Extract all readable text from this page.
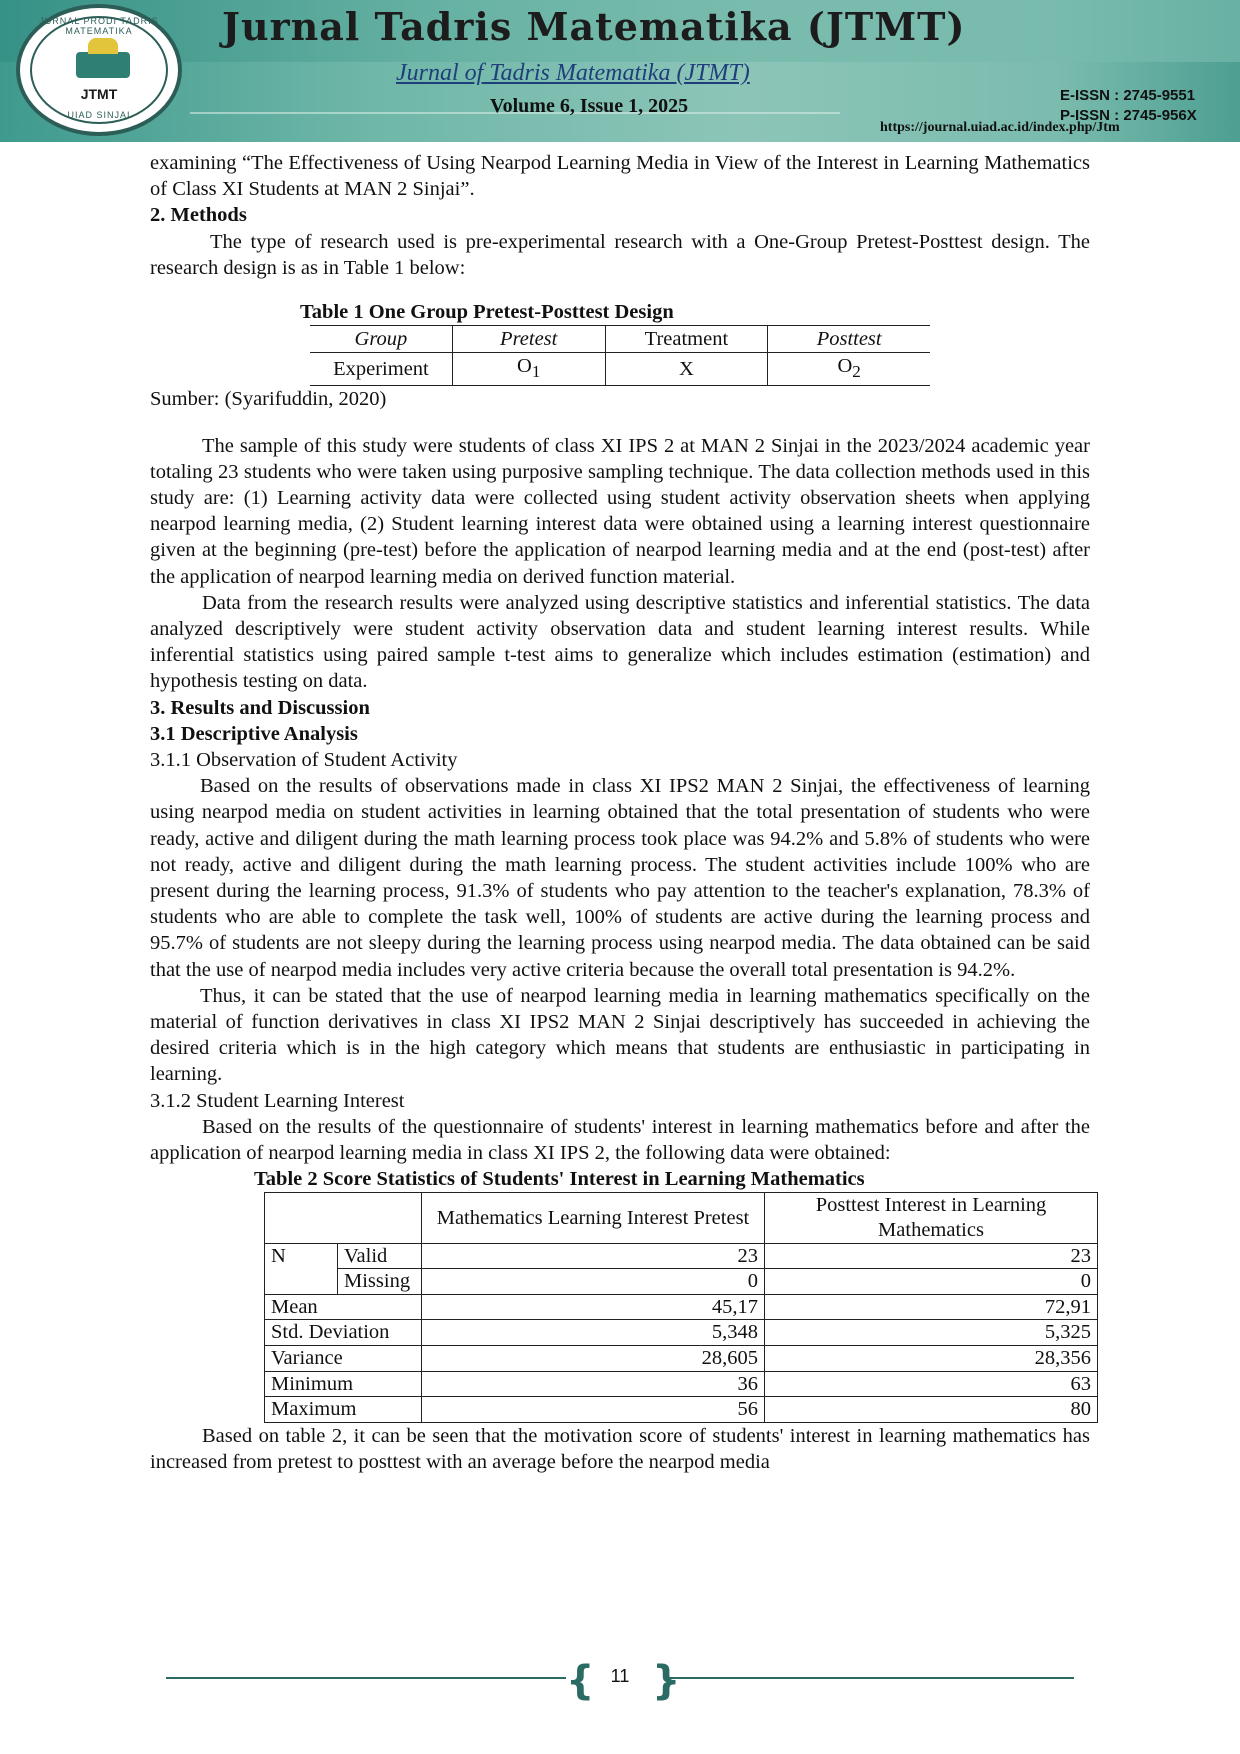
JURNAL PRODI TADRIS MATEMATIKA
JTMT
UIAD SINJAI
Jurnal Tadris Matematika (JTMT)
Jurnal of Tadris Matematika (JTMT)
Volume 6, Issue 1, 2025	E-ISSN : 2745-9551
P-ISSN : 2745-956X
https://journal.uiad.ac.id/index.php/Jtm

examining “The Effectiveness of Using Nearpod Learning Media in View of the Interest in Learning Mathematics of Class XI Students at MAN 2 Sinjai”.

2. Methods

The type of research used is pre-experimental research with a One-Group Pretest-Posttest design. The research design is as in Table 1 below:

Table 1 One Group Pretest-Posttest Design

Group	Pretest	Treatment	Posttest
Experiment	$O_1$	X	$O_2$

Sumber: (Syarifuddin, 2020)

The sample of this study were students of class XI IPS 2 at MAN 2 Sinjai in the 2023/2024 academic year totaling 23 students who were taken using purposive sampling technique. The data collection methods used in this study are: (1) Learning activity data were collected using student activity observation sheets when applying nearpod learning media, (2) Student learning interest data were obtained using a learning interest questionnaire given at the beginning (pre-test) before the application of nearpod learning media and at the end (post-test) after the application of nearpod learning media on derived function material.

Data from the research results were analyzed using descriptive statistics and inferential statistics. The data analyzed descriptively were student activity observation data and student learning interest results. While inferential statistics using paired sample t-test aims to generalize which includes estimation (estimation) and hypothesis testing on data.

3. Results and Discussion

3.1 Descriptive Analysis

3.1.1 Observation of Student Activity

Based on the results of observations made in class XI IPS2 MAN 2 Sinjai, the effectiveness of learning using nearpod media on student activities in learning obtained that the total presentation of students who were ready, active and diligent during the math learning process took place was 94.2% and 5.8% of students who were not ready, active and diligent during the math learning process. The student activities include 100% who are present during the learning process, 91.3% of students who pay attention to the teacher's explanation, 78.3% of students who are able to complete the task well, 100% of students are active during the learning process and 95.7% of students are not sleepy during the learning process using nearpod media. The data obtained can be said that the use of nearpod media includes very active criteria because the overall total presentation is 94.2%.

Thus, it can be stated that the use of nearpod learning media in learning mathematics specifically on the material of function derivatives in class XI IPS2 MAN 2 Sinjai descriptively has succeeded in achieving the desired criteria which is in the high category which means that students are enthusiastic in participating in learning.

3.1.2 Student Learning Interest

Based on the results of the questionnaire of students' interest in learning mathematics before and after the application of nearpod learning media in class XI IPS 2, the following data were obtained:

Table 2 Score Statistics of Students' Interest in Learning Mathematics

		Mathematics Learning Interest Pretest	Posttest Interest in Learning Mathematics
N	Valid	23	23
	Missing	0	0
Mean		45,17	72,91
Std. Deviation		5,348	5,325
Variance		28,605	28,356
Minimum		36	63
Maximum		56	80

Based on table 2, it can be seen that the motivation score of students' interest in learning mathematics has increased from pretest to posttest with an average before the nearpod media

{ }
11
